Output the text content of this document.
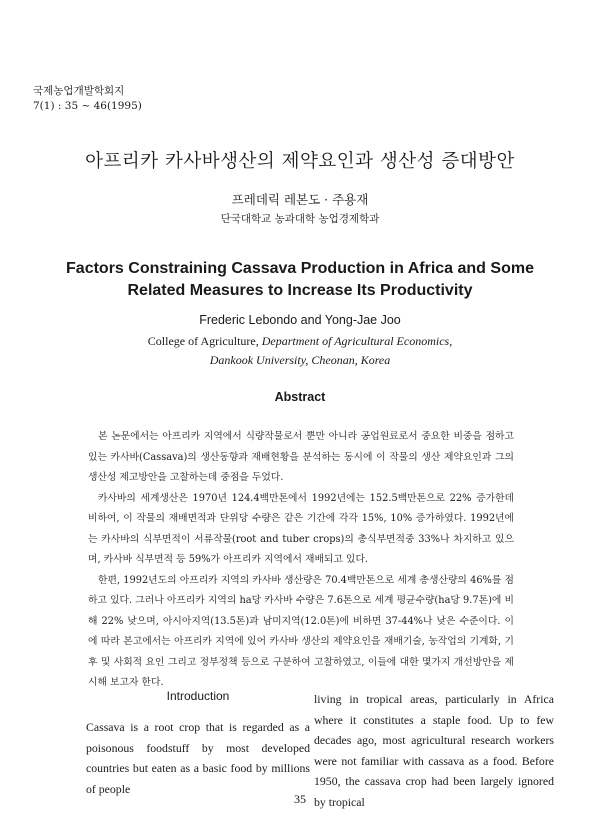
국제농업개발학회지
7(1) : 35 ~ 46(1995)
아프리카 카사바생산의 제약요인과 생산성 증대방안
프레데릭 레본도 · 주용재
단국대학교 농과대학 농업경제학과
Factors Constraining Cassava Production in Africa and Some
Related Measures to Increase Its Productivity
Frederic Lebondo and Yong-Jae Joo
College of Agriculture, Department of Agricultural Economics,
Dankook University, Cheonan, Korea
Abstract

본 논문에서는 아프리카 지역에서 식량작물로서 뿐만 아니라 공업원료로서 중요한 비중을 점하고 있는 카사바(Cassava)의 생산동향과 재배현황을 분석하는 동시에 이 작물의 생산 제약요인과 그의 생산성 제고방안을 고찰하는데 중점을 두었다.

카사바의 세계생산은 1970년 124.4백만톤에서 1992년에는 152.5백만톤으로 22% 증가한데 비하여, 이 작물의 재배면적과 단위당 수량은 같은 기간에 각각 15%, 10% 증가하였다. 1992년에는 카사바의 식부면적이 서류작물(root and tuber crops)의 총식부면적중 33%나 차지하고 있으며, 카사바 식부면적 등 59%가 아프리카 지역에서 재배되고 있다.

한편, 1992년도의 아프리카 지역의 카사바 생산량은 70.4백만톤으로 세계 총생산량의 46%를 점하고 있다. 그러나 아프리카 지역의 ha당 카사바 수량은 7.6톤으로 세계 평균수량(ha당 9.7톤)에 비해 22% 낮으며, 아시아지역(13.5톤)과 남미지역(12.0톤)에 비하면 37-44%나 낮은 수준이다. 이에 따라 본고에서는 아프리카 지역에 있어 카사바 생산의 제약요인을 재배기술, 농작업의 기계화, 기후 및 사회적 요인 그리고 정부정책 등으로 구분하여 고찰하였고, 이들에 대한 몇가지 개선방안을 제시해 보고자 한다.

Introduction

Cassava is a root crop that is regarded as a poisonous foodstuff by most developed countries but eaten as a basic food by millions of people

living in tropical areas, particularly in Africa where it constitutes a staple food. Up to few decades ago, most agricultural research workers were not familiar with cassava as a food. Before 1950, the cassava crop had been largely ignored by tropical

35
